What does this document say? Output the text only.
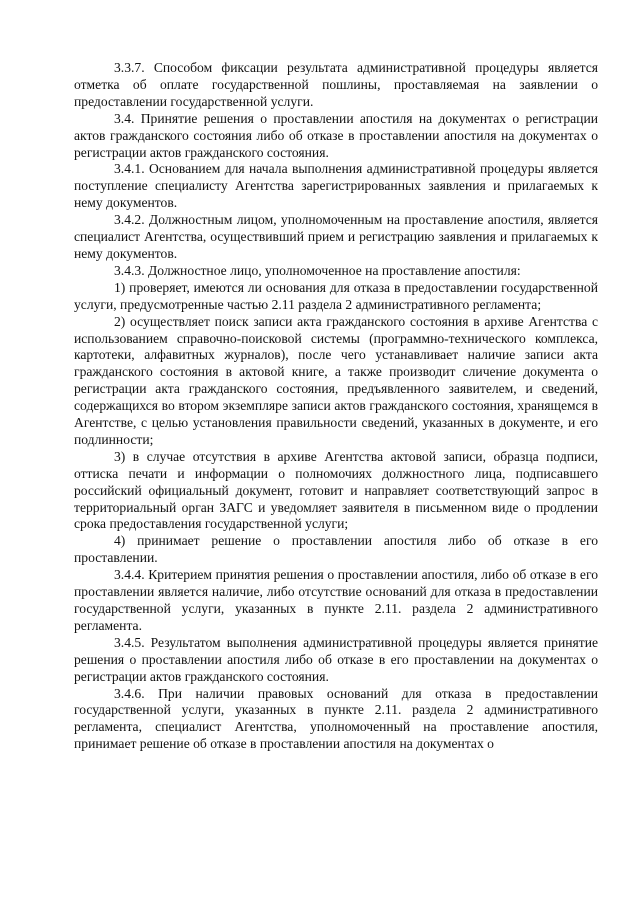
3.3.7. Способом фиксации результата административной процедуры является отметка об оплате государственной пошлины, проставляемая на заявлении о предоставлении государственной услуги.

3.4. Принятие решения о проставлении апостиля на документах о регистрации актов гражданского состояния либо об отказе в проставлении апостиля на документах о регистрации актов гражданского состояния.

3.4.1. Основанием для начала выполнения административной процедуры является поступление специалисту Агентства зарегистрированных заявления и прилагаемых к нему документов.

3.4.2. Должностным лицом, уполномоченным на проставление апостиля, является специалист Агентства, осуществивший прием и регистрацию заявления и прилагаемых к нему документов.

3.4.3. Должностное лицо, уполномоченное на проставление апостиля:

1) проверяет, имеются ли основания для отказа в предоставлении государственной услуги, предусмотренные частью 2.11 раздела 2 административного регламента;

2) осуществляет поиск записи акта гражданского состояния в архиве Агентства с использованием справочно-поисковой системы (программно-технического комплекса, картотеки, алфавитных журналов), после чего устанавливает наличие записи акта гражданского состояния в актовой книге, а также производит сличение документа о регистрации акта гражданского состояния, предъявленного заявителем, и сведений, содержащихся во втором экземпляре записи актов гражданского состояния, хранящемся в Агентстве, с целью установления правильности сведений, указанных в документе, и его подлинности;

3) в случае отсутствия в архиве Агентства актовой записи, образца подписи, оттиска печати и информации о полномочиях должностного лица, подписавшего российский официальный документ, готовит и направляет соответствующий запрос в территориальный орган ЗАГС и уведомляет заявителя в письменном виде о продлении срока предоставления государственной услуги;

4) принимает решение о проставлении апостиля либо об отказе в его проставлении.

3.4.4. Критерием принятия решения о проставлении апостиля, либо об отказе в его проставлении является наличие, либо отсутствие оснований для отказа в предоставлении государственной услуги, указанных в пункте 2.11. раздела 2 административного регламента.

3.4.5. Результатом выполнения административной процедуры является принятие решения о проставлении апостиля либо об отказе в его проставлении на документах о регистрации актов гражданского состояния.

3.4.6. При наличии правовых оснований для отказа в предоставлении государственной услуги, указанных в пункте 2.11. раздела 2 административного регламента, специалист Агентства, уполномоченный на проставление апостиля, принимает решение об отказе в проставлении апостиля на документах о
